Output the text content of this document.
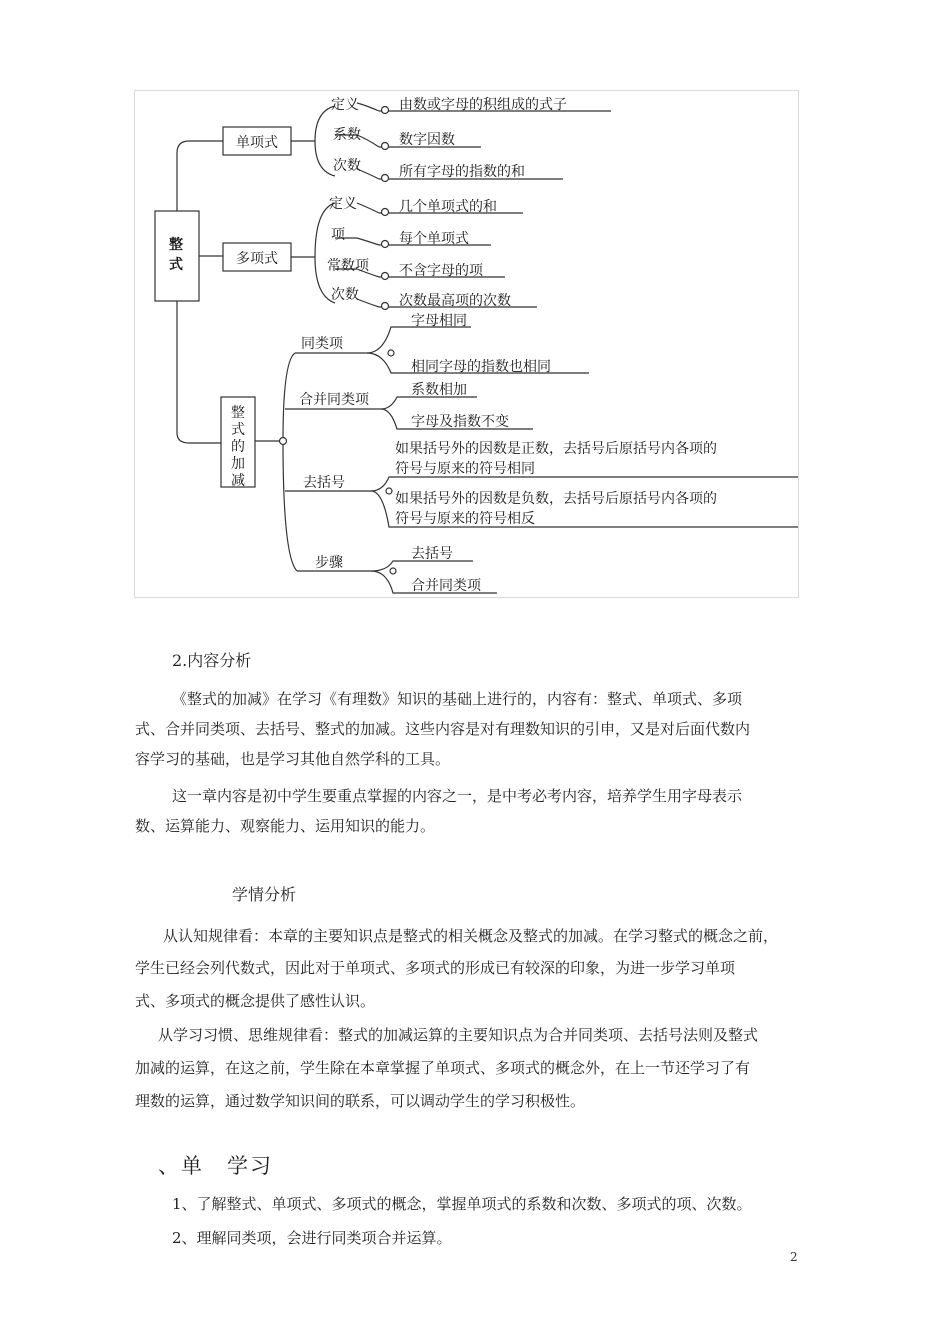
整式
单项式
定义
系数
次数
由数或字母的积组成的式子
数字因数
所有字母的指数的和
多项式
定义
项
常数项
次数
几个单项式的和
每个单项式
不含字母的项
次数最高项的次数
整
式
的
加
减
同类项
字母相同
相同字母的指数也相同
合并同类项
系数相加
字母及指数不变
去括号
如果括号外的因数是正数，去括号后原括号内各项的
符号与原来的符号相同
如果括号外的因数是负数，去括号后原括号内各项的
符号与原来的符号相反
步骤
去括号
合并同类项
2.内容分析
《整式的加减》在学习《有理数》知识的基础上进行的，内容有：整式、单项式、多项
式、合并同类项、去括号、整式的加减。这些内容是对有理数知识的引申，又是对后面代数内
容学习的基础，也是学习其他自然学科的工具。
这一章内容是初中学生要重点掌握的内容之一，是中考必考内容，培养学生用字母表示
数、运算能力、观察能力、运用知识的能力。
学情分析
从认知规律看：本章的主要知识点是整式的相关概念及整式的加减。在学习整式的概念之前，
学生已经会列代数式，因此对于单项式、多项式的形成已有较深的印象，为进一步学习单项
式、多项式的概念提供了感性认识。
从学习习惯、思维规律看：整式的加减运算的主要知识点为合并同类项、去括号法则及整式
加减的运算，在这之前，学生除在本章掌握了单项式、多项式的概念外，在上一节还学习了有
理数的运算，通过数学知识间的联系，可以调动学生的学习积极性。
、单　学习
1、了解整式、单项式、多项式的概念，掌握单项式的系数和次数、多项式的项、次数。
2、理解同类项，会进行同类项合并运算。
2
